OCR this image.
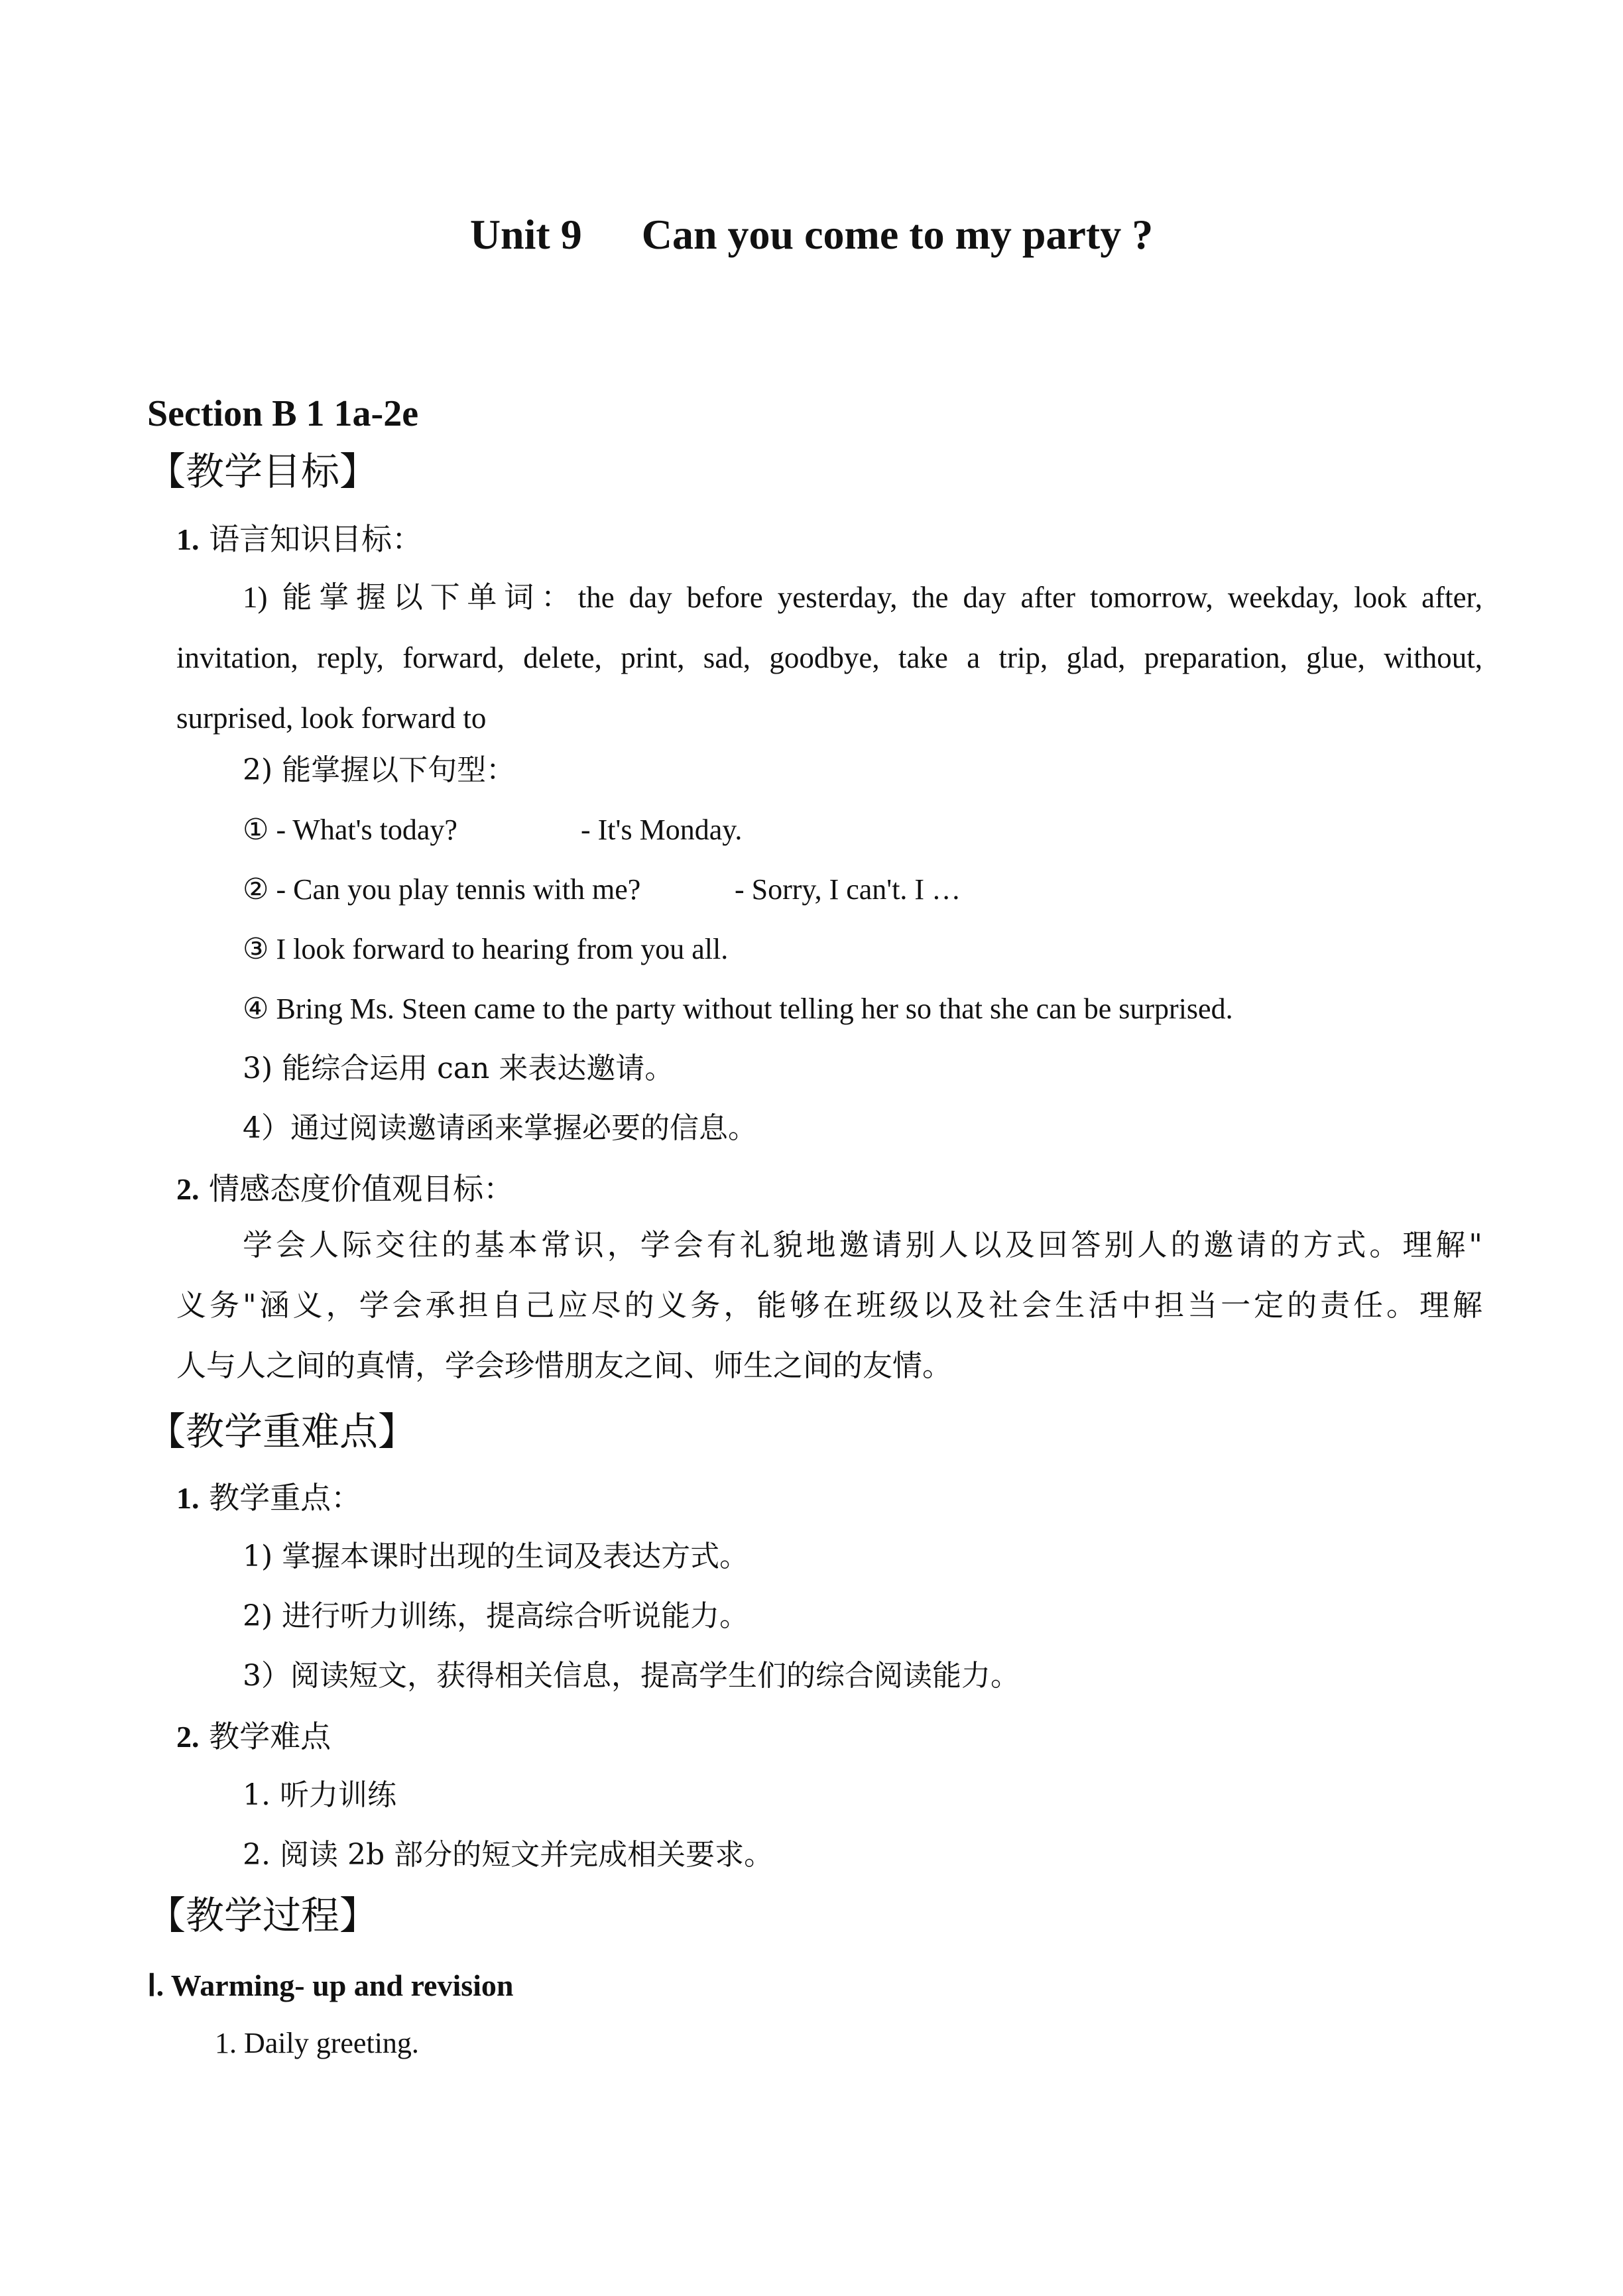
Unit 9 Can you come to my party ?
Section B 1 1a-2e
【教学目标】
1. 语言知识目标：
1) 能掌握以下单词：the day before yesterday, the day after tomorrow, weekday, look after,
invitation, reply, forward, delete, print, sad, goodbye, take a trip, glad, preparation, glue, without,
surprised, look forward to
2) 能掌握以下句型：
① - What's today?	- It's Monday.
② - Can you play tennis with me?	- Sorry, I can't. I …
③ I look forward to hearing from you all.
④ Bring Ms. Steen came to the party without telling her so that she can be surprised.
3) 能综合运用 can 来表达邀请。
4）通过阅读邀请函来掌握必要的信息。
2. 情感态度价值观目标：
学会人际交往的基本常识，学会有礼貌地邀请别人以及回答别人的邀请的方式。理解"
义务"涵义，学会承担自己应尽的义务，能够在班级以及社会生活中担当一定的责任。理解
人与人之间的真情，学会珍惜朋友之间、师生之间的友情。
【教学重难点】
1. 教学重点：
1) 掌握本课时出现的生词及表达方式。
2) 进行听力训练，提高综合听说能力。
3）阅读短文，获得相关信息，提高学生们的综合阅读能力。
2. 教学难点
1. 听力训练
2. 阅读 2b 部分的短文并完成相关要求。
【教学过程】
Ⅰ. Warming- up and revision
1. Daily greeting.
